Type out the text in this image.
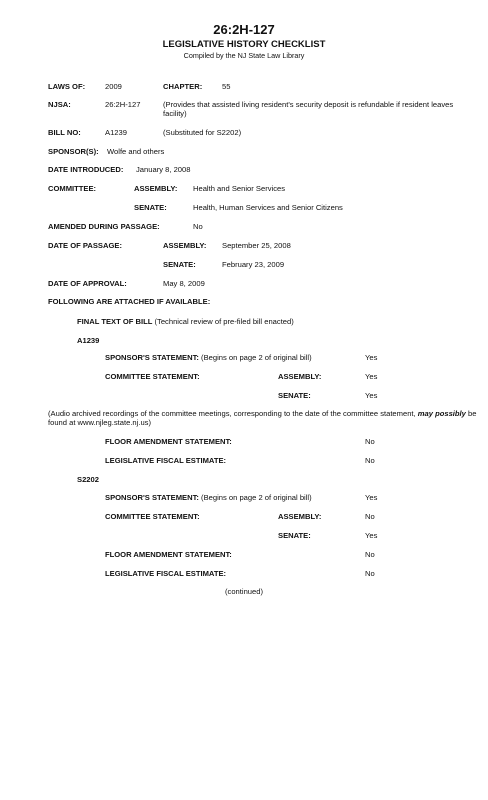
26:2H-127
LEGISLATIVE HISTORY CHECKLIST
Compiled by the NJ State Law Library
LAWS OF:	2009	CHAPTER:	55
NJSA:	26:2H-127	(Provides that assisted living resident's security deposit is refundable if resident leaves facility)
BILL NO:	A1239	(Substituted for S2202)
SPONSOR(S): Wolfe and others
DATE INTRODUCED: January 8, 2008
COMMITTEE:	ASSEMBLY: Health and Senior Services
SENATE:	Health, Human Services and Senior Citizens
AMENDED DURING PASSAGE:	No
DATE OF PASSAGE:	ASSEMBLY: September 25, 2008
SENATE:	February 23, 2009
DATE OF APPROVAL:	May 8, 2009
FOLLOWING ARE ATTACHED IF AVAILABLE:
FINAL TEXT OF BILL (Technical review of pre-filed bill enacted)
A1239
SPONSOR'S STATEMENT: (Begins on page 2 of original bill)	Yes
COMMITTEE STATEMENT:	ASSEMBLY:	Yes
SENATE:	Yes
(Audio archived recordings of the committee meetings, corresponding to the date of the committee statement, may possibly be found at www.njleg.state.nj.us)
FLOOR AMENDMENT STATEMENT:	No
LEGISLATIVE FISCAL ESTIMATE:	No
S2202
SPONSOR'S STATEMENT: (Begins on page 2 of original bill)	Yes
COMMITTEE STATEMENT:	ASSEMBLY:	No
SENATE:	Yes
FLOOR AMENDMENT STATEMENT:	No
LEGISLATIVE FISCAL ESTIMATE:	No
(continued)
